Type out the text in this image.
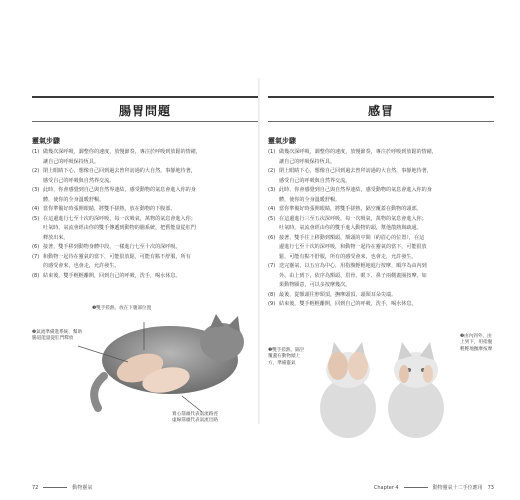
腸胃問題
靈氣步驟
(1) 做幾次深呼吸，調整你的速度，放慢節奏，專注於呼吸到放鬆的情緒，
讓自己的呼吸保持恆具。
(2) 閉上眼睛下心，想像自己回到過去曾拜訪過的大自然，事靜地待著，
感受自己的呼吸與自然界交流。
(3) 此時，你會感覺到自己與自然界連結，感受動物的氣息會進入你的身
體，使你的全身溫暖舒暢。
(4) 當你準備好時張開眼睛，將雙手搓熱，放在動物的下腹部。
(5) 在這邊進行七至十次的深呼吸，每一次吸氣，萬物的氣息會進入你；
吐氣時，氣流會經由你的雙手傳遞到動物的腸系統，把舊能量從肛門
釋放出來。
(6) 接著，雙手移到動物身體中段，一樣進行七至十次的深呼吸。
(7) 和動物一起待在靈氣的當下，可能很放鬆，可能有點不舒服，所有
的感受會來，也會走，允許發生。
(8) 結束後，雙手輕輕離開，回到自己的呼吸，洗手，喝水休息。
❶雙手搓熱，放在下腹部位置
❷氣流準備進系統，幫助腸道能量從肛門釋放
實心箭頭代表氣流路徑
虛線箭頭代表氣流出路
72	動物靈氣
感冒
靈氣步驟
(1) 做幾次深呼吸，調整你的速度，放慢節奏，專注於呼吸到放鬆的情緒，
讓自己的呼吸保持恆具。
(2) 閉上眼睛下心，想像自己回到過去曾拜訪過的大自然，事靜地待著，
感受自己的呼吸與自然界交流。
(3) 此時，你會感覺到自己與自然界連結，感受動物的氣息會進入你的身
體，使你的全身溫暖舒暢。
(4) 當你準備好時張開眼睛，將雙手搓熱，隔空覆蓋在動物的頭部。
(5) 在這邊進行三至五次深呼吸，每一次吸氣，萬物的氣息會進入你；
吐氣時，氣流會經由你的雙手進入動物的頭，幫他散熱與疏通。
(6) 接著，雙手往上移動到額頭，額頭的中間（約眉心的位置），在這
邊進行七至十次的深呼吸，和動物一起待在靈氣的當下，可能很放
鬆，可能有點不舒服，所有的感受會來，也會走，允許發生。
(7) 送完靈氣，以五官為中心，用指腹輕輕地進行按摩，順序為由內到
外、由上到下，依序為額頭、眉骨、眼下、鼻子兩側畫圈按摩，如
果動物願意，可以多按摩幾次。
(8) 最後，從額頭往脖頸頂，撫摩頭頂、頭頸耳朵尖端。
(9) 結束後，雙手輕輕離開，回到自己的呼吸，洗手，喝水休息。
❶雙手搓熱，隔空覆蓋在動物頭上方，準備靈氣
❷由內到外、由上到下，用指腹輕輕地撫摩按摩
Chapter 4	動物靈氣十二手位應用 73
